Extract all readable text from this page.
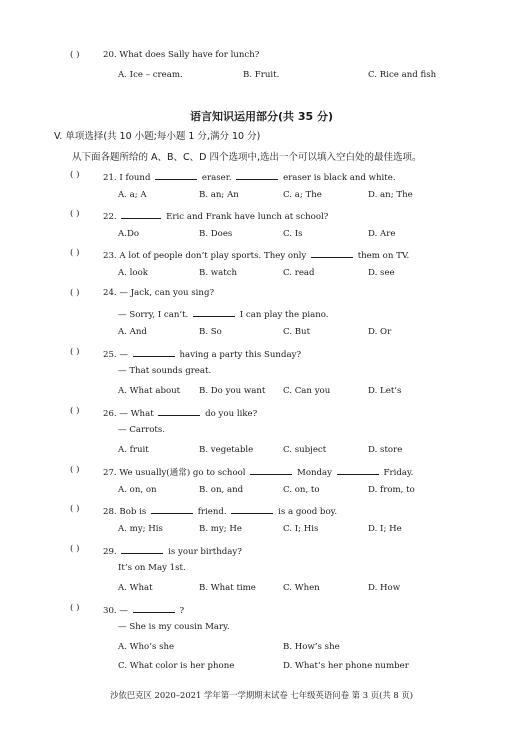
( )	20. What does Sally have for lunch?
A. Ice – cream.	B. Fruit.	C. Rice and fish
语言知识运用部分(共 35 分)
V. 单项选择(共 10 小题;每小题 1 分,满分 10 分)
从下面各题所给的 A、B、C、D 四个选项中,选出一个可以填入空白处的最佳选项。
( )	21. I found	eraser.	eraser is black and white.
A. a; A	B. an; An	C. a; The	D. an; The
( )	22.	Eric and Frank have lunch at school?
A.Do	B. Does	C. Is	D. Are
( )	23. A lot of people don’t play sports. They only	them on TV.
A. look	B. watch	C. read	D. see
( )	24. — Jack, can you sing?
— Sorry, I can’t.	I can play the piano.
A. And	B. So	C. But	D. Or
( )	25. —	having a party this Sunday?
— That sounds great.
A. What about B. Do you want C. Can you	D. Let’s
( )	26. — What	do you like?
— Carrots.
A. fruit	B. vegetable	C. subject	D. store
( )	27. We usually(通常) go to school	Monday	Friday.
A. on, on	B. on, and	C. on, to	D. from, to
( )	28. Bob is	friend.	is a good boy.
A. my; His	B. my; He	C. I; His	D. I; He
( )	29.	is your birthday?
It’s on May 1st.
A. What	B. What time	C. When	D. How
( )	30. —	?
— She is my cousin Mary.
A. Who’s she	B. How’s she
C. What color is her phone	D. What’s her phone number
沙依巴克区 2020–2021 学年第一学期期末试卷 七年级英语问卷 第 3 页(共 8 页)
